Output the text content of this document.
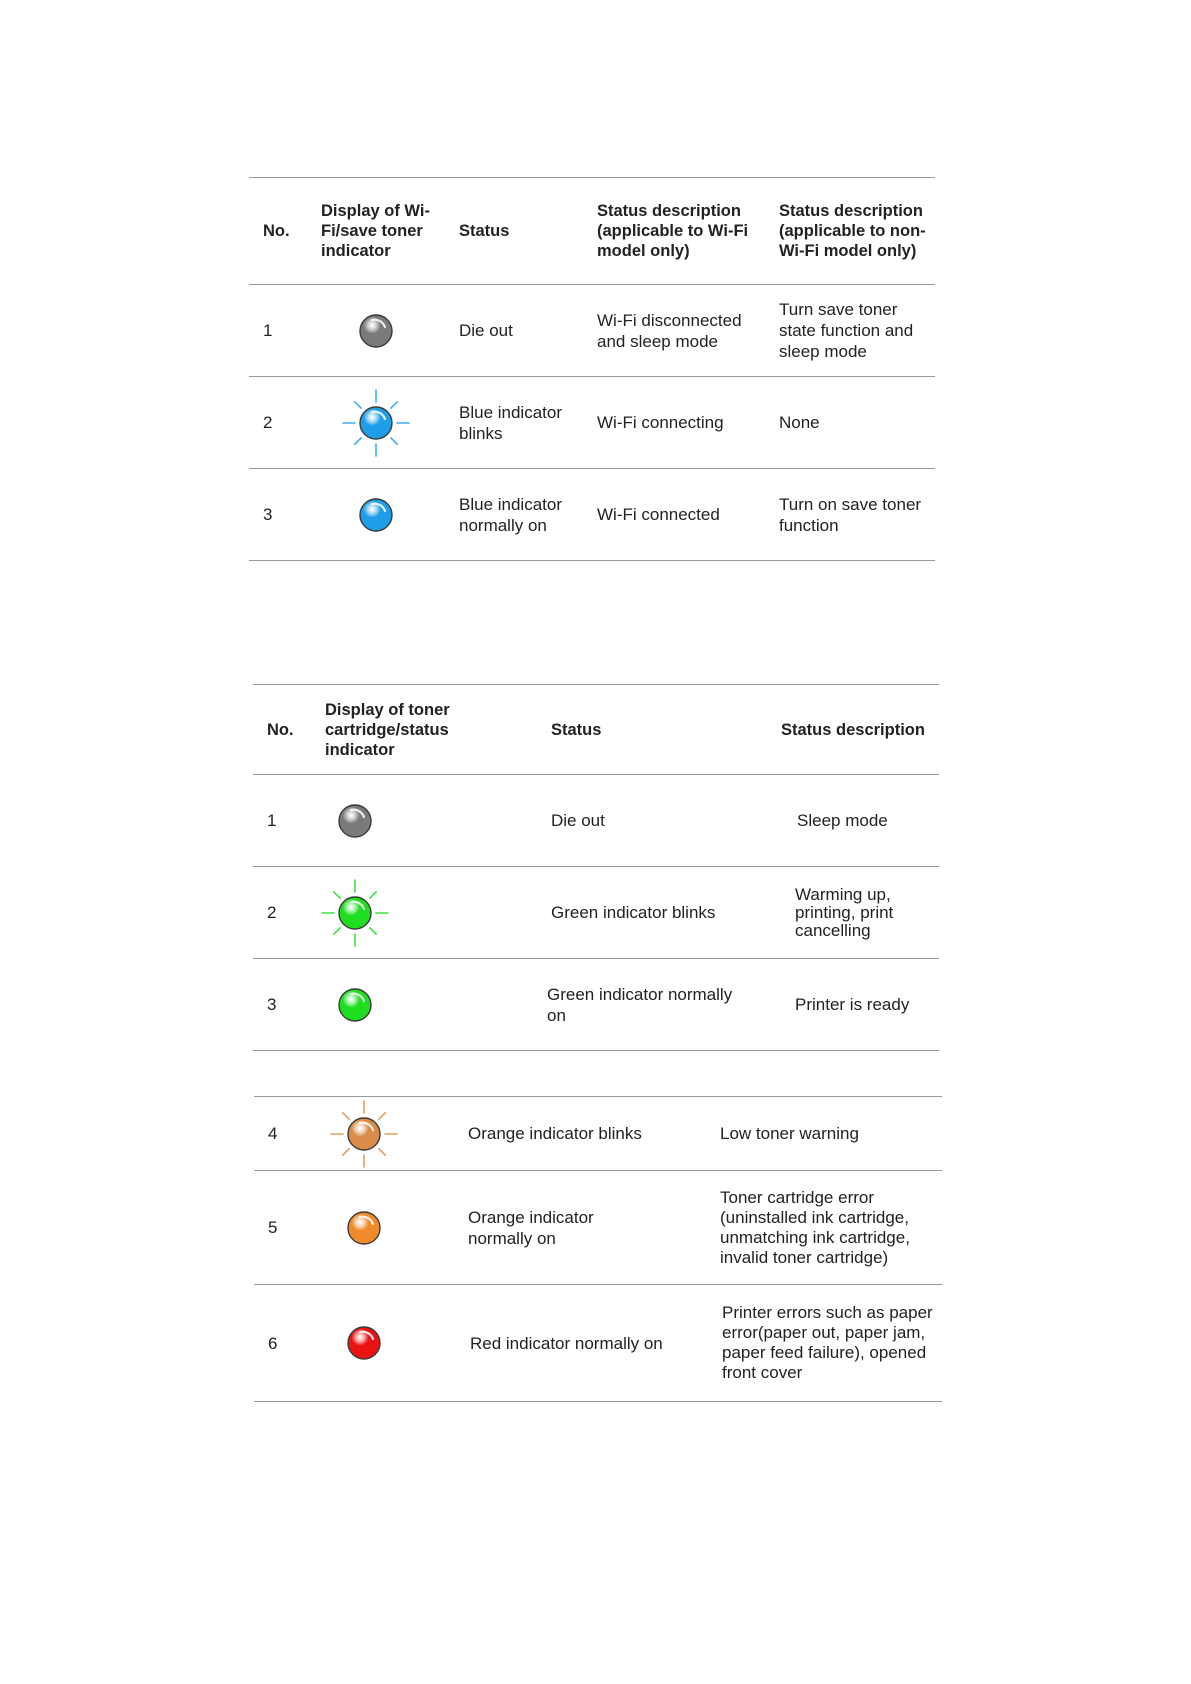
No.	Display of Wi-Fi/save toner indicator	Status	Status description (applicable to Wi-Fi model only)	Status description (applicable to non-Wi-Fi model only)
1		Die out	Wi-Fi disconnected and sleep mode	Turn save toner state function and sleep mode
2		Blue indicator blinks	Wi-Fi connecting	None
3		Blue indicator normally on	Wi-Fi connected	Turn on save toner function
No.	Display of toner cartridge/status indicator	Status	Status description
1		Die out	Sleep mode
2		Green indicator blinks	Warming up, printing, print cancelling
3		Green indicator normally on	Printer is ready
4		Orange indicator blinks	Low toner warning
5		Orange indicator normally on	Toner cartridge error (uninstalled ink cartridge, unmatching ink cartridge, invalid toner cartridge)
6		Red indicator normally on	Printer errors such as paper error(paper out, paper jam, paper feed failure), opened front cover
